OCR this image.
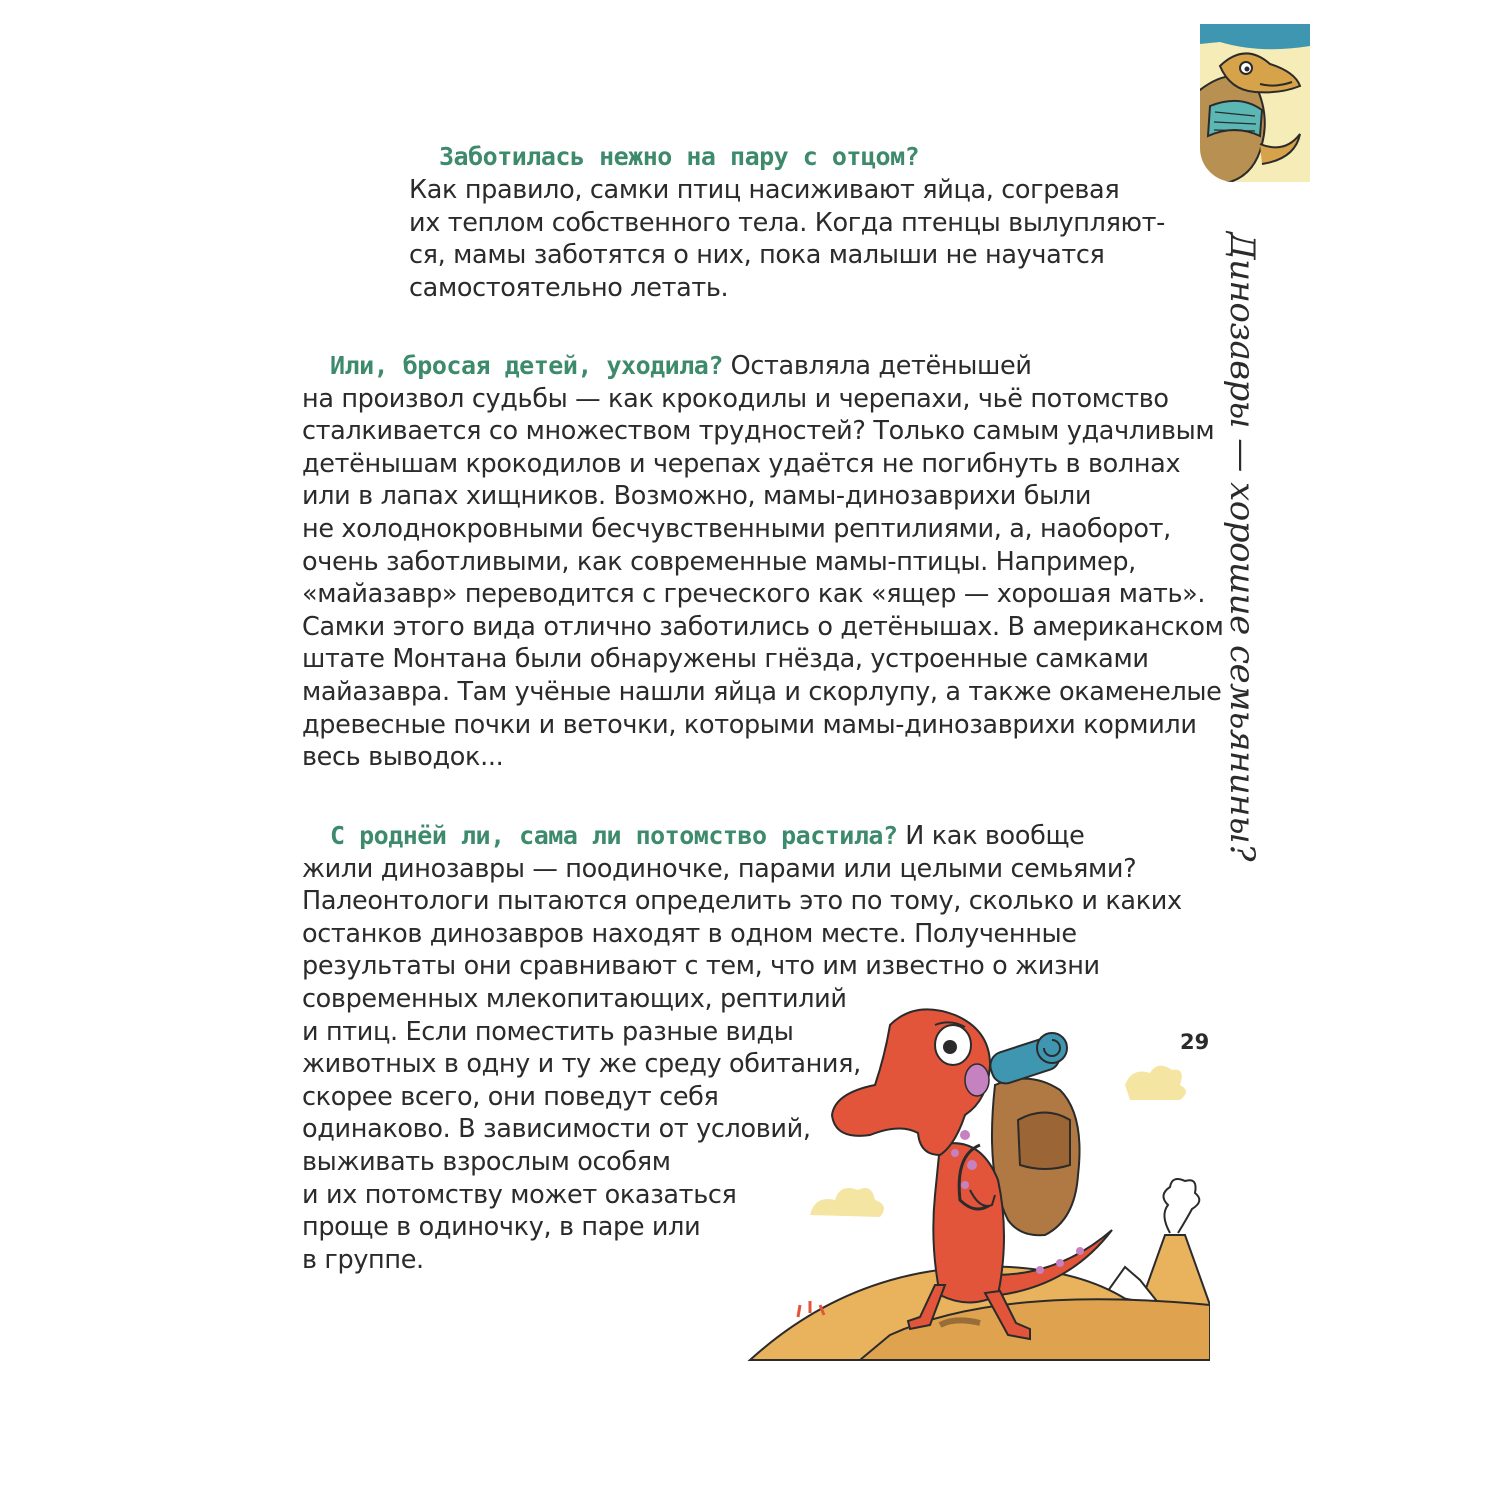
Динозавры — хорошие семьянины?
Заботилась нежно на пару с отцом?
Как правило, самки птиц насиживают яйца, согревая
их теплом собственного тела. Когда птенцы вылупляют-
ся, мамы заботятся о них, пока малыши не научатся
самостоятельно летать.
Или, бросая детей, уходила? Оставляла детёнышей
на произвол судьбы — как крокодилы и черепахи, чьё потомство
сталкивается со множеством трудностей? Только самым удачливым
детёнышам крокодилов и черепах удаётся не погибнуть в волнах
или в лапах хищников. Возможно, мамы-динозаврихи были
не холоднокровными бесчувственными рептилиями, а, наоборот,
очень заботливыми, как современные мамы-птицы. Например,
«майазавр» переводится с греческого как «ящер — хорошая мать».
Самки этого вида отлично заботились о детёнышах. В американском
штате Монтана были обнаружены гнёзда, устроенные самками
майазавра. Там учёные нашли яйца и скорлупу, а также окаменелые
древесные почки и веточки, которыми мамы-динозаврихи кормили
весь выводок...
С роднёй ли, сама ли потомство растила? И как вообще
жили динозавры — поодиночке, парами или целыми семьями?
Палеонтологи пытаются определить это по тому, сколько и каких
останков динозавров находят в одном месте. Полученные
результаты они сравнивают с тем, что им известно о жизни
современных млекопитающих, рептилий
и птиц. Если поместить разные виды
животных в одну и ту же среду обитания,
скорее всего, они поведут себя
одинаково. В зависимости от условий,
выживать взрослым особям
и их потомству может оказаться
проще в одиночку, в паре или
в группе.
29
